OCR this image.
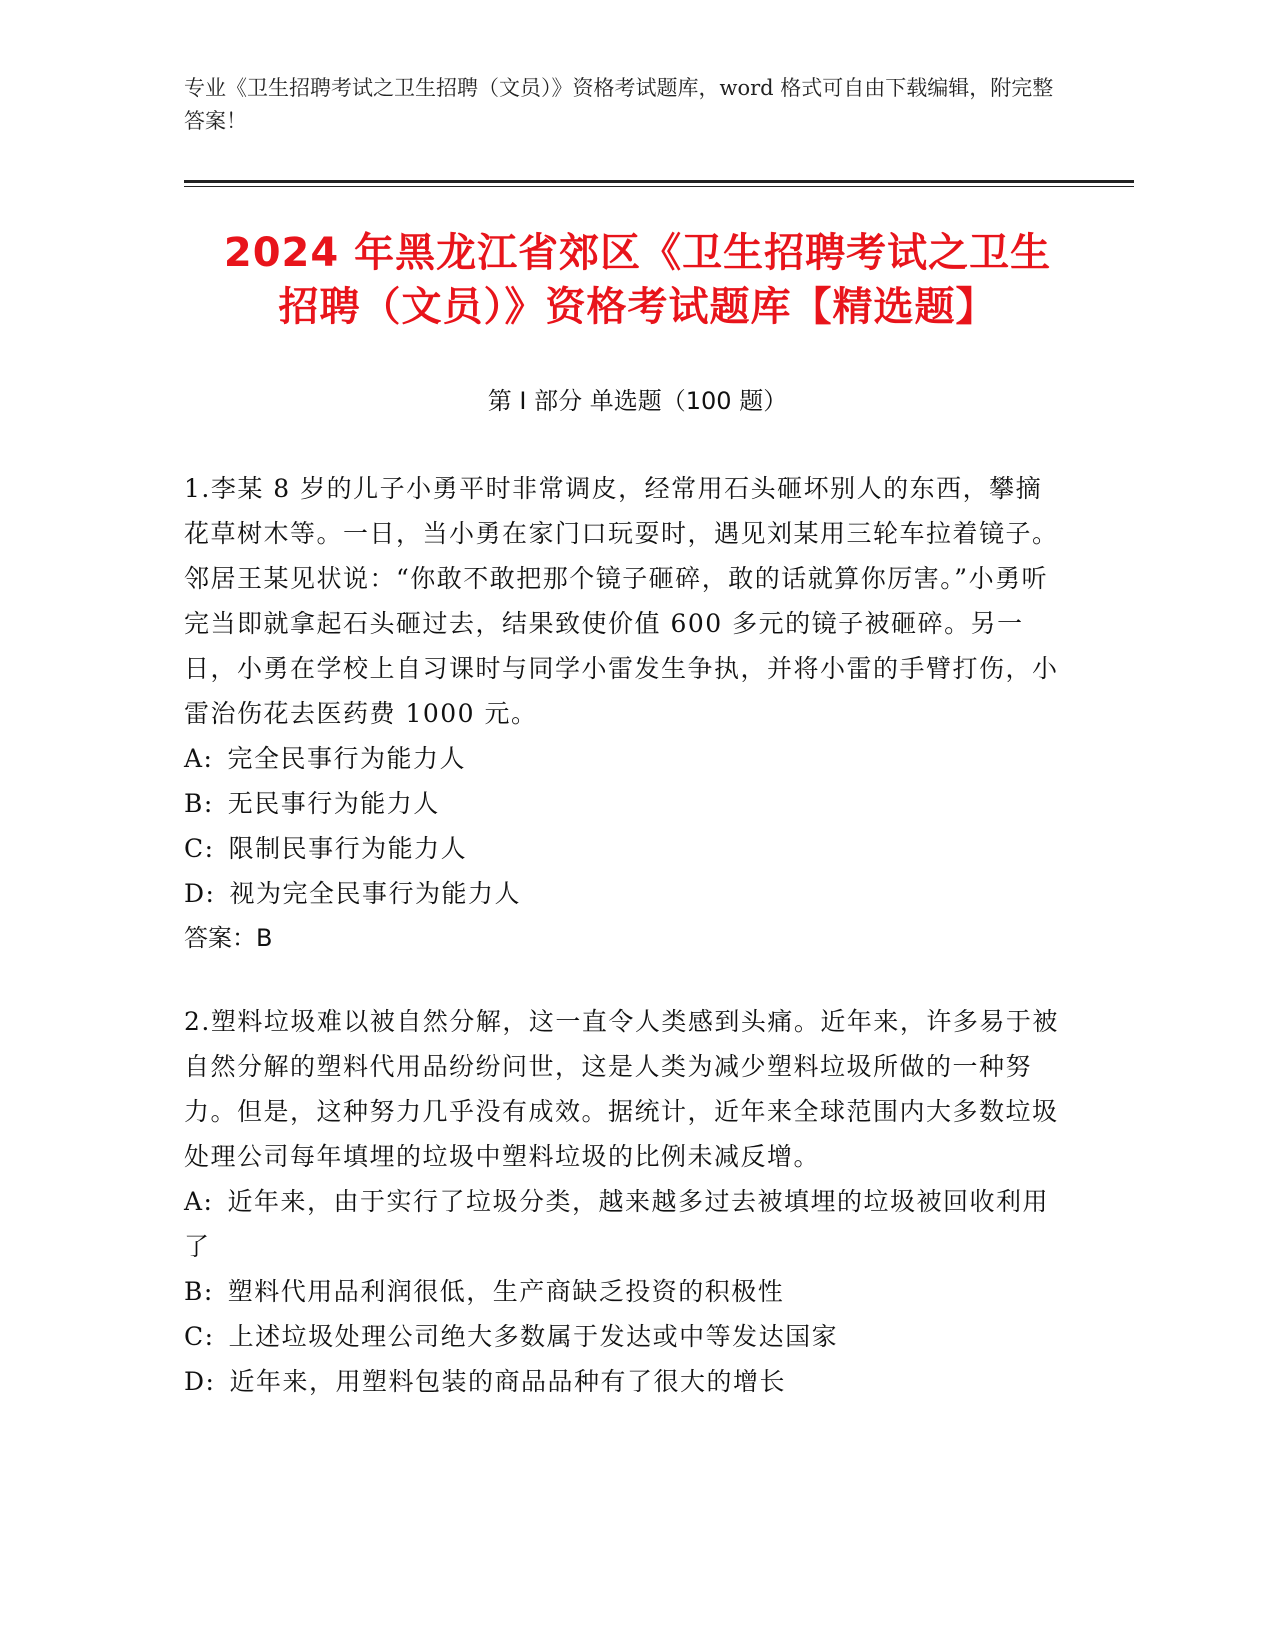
专业《卫生招聘考试之卫生招聘（文员）》资格考试题库，word 格式可自由下载编辑，附完整答案！
2024 年黑龙江省郊区《卫生招聘考试之卫生
招聘（文员）》资格考试题库【精选题】
第 I 部分 单选题（100 题）

1.李某 8 岁的儿子小勇平时非常调皮，经常用石头砸坏别人的东西，攀摘花草树木等。一日，当小勇在家门口玩耍时，遇见刘某用三轮车拉着镜子。邻居王某见状说：“你敢不敢把那个镜子砸碎，敢的话就算你厉害。”小勇听完当即就拿起石头砸过去，结果致使价值 600 多元的镜子被砸碎。另一日，小勇在学校上自习课时与同学小雷发生争执，并将小雷的手臂打伤，小雷治伤花去医药费 1000 元。

A: 完全民事行为能力人

B: 无民事行为能力人

C: 限制民事行为能力人

D: 视为完全民事行为能力人

答案：B

2.塑料垃圾难以被自然分解，这一直令人类感到头痛。近年来，许多易于被自然分解的塑料代用品纷纷问世，这是人类为减少塑料垃圾所做的一种努力。但是，这种努力几乎没有成效。据统计，近年来全球范围内大多数垃圾处理公司每年填埋的垃圾中塑料垃圾的比例未减反增。

A: 近年来，由于实行了垃圾分类，越来越多过去被填埋的垃圾被回收利用了

B: 塑料代用品利润很低，生产商缺乏投资的积极性

C: 上述垃圾处理公司绝大多数属于发达或中等发达国家

D: 近年来，用塑料包装的商品品种有了很大的增长
